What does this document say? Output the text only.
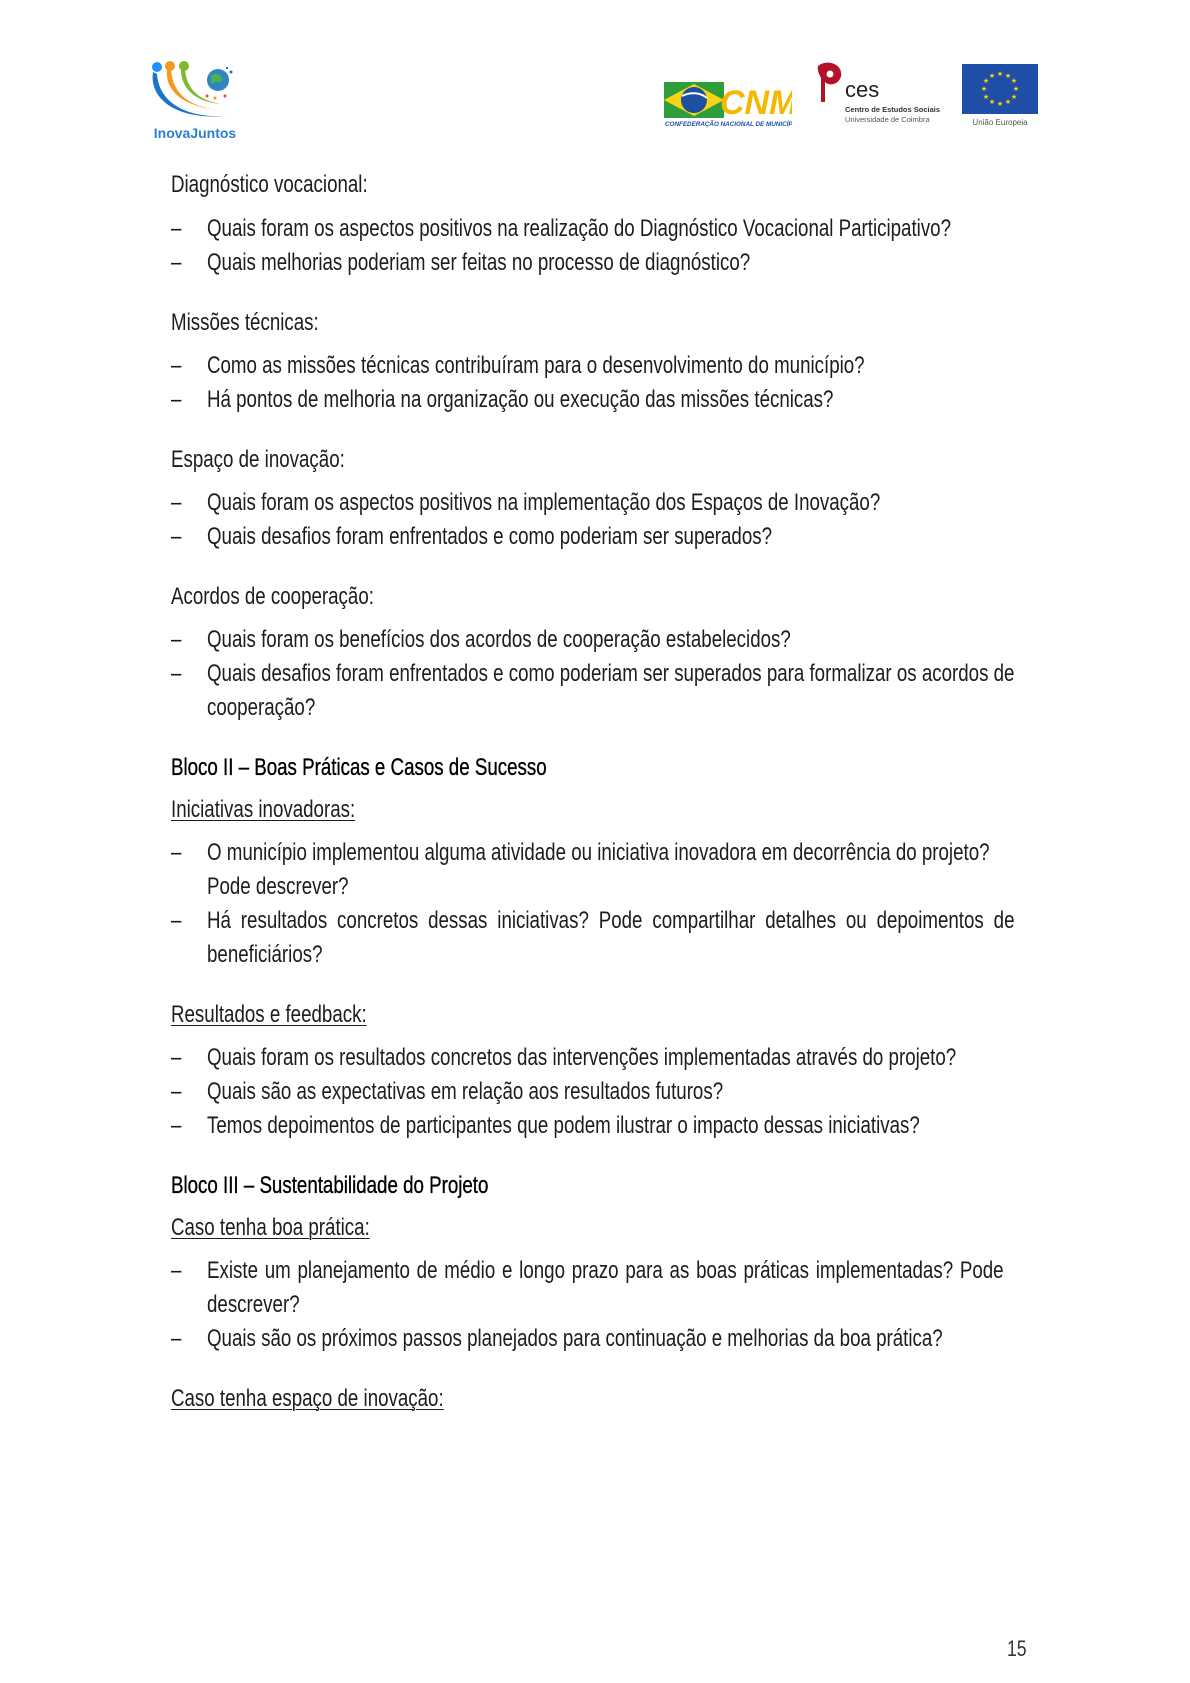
InovaJuntos
CNM
CONFEDERAÇÃO NACIONAL DE MUNICÍPIOS
ces
Centro de Estudos Sociais
Universidade de Coimbra
★ ★
★
★
★
★
★
★
★
★
★
★
União Europeia
Diagnóstico vocacional:
– Quais foram os aspectos positivos na realização do Diagnóstico Vocacional Participativo?
– Quais melhorias poderiam ser feitas no processo de diagnóstico?
Missões técnicas:
– Como as missões técnicas contribuíram para o desenvolvimento do município?
– Há pontos de melhoria na organização ou execução das missões técnicas?
Espaço de inovação:
– Quais foram os aspectos positivos na implementação dos Espaços de Inovação?
– Quais desafios foram enfrentados e como poderiam ser superados?
Acordos de cooperação:
– Quais foram os benefícios dos acordos de cooperação estabelecidos?
– Quais desafios foram enfrentados e como poderiam ser superados para formalizar os acordos de
cooperação?
Bloco II – Boas Práticas e Casos de Sucesso
Iniciativas inovadoras:
– O município implementou alguma atividade ou iniciativa inovadora em decorrência do projeto?
Pode descrever?
– Há resultados concretos dessas iniciativas? Pode compartilhar detalhes ou depoimentos de
beneficiários?
Resultados e feedback:
– Quais foram os resultados concretos das intervenções implementadas através do projeto?
– Quais são as expectativas em relação aos resultados futuros?
– Temos depoimentos de participantes que podem ilustrar o impacto dessas iniciativas?
Bloco III – Sustentabilidade do Projeto
Caso tenha boa prática:
– Existe um planejamento de médio e longo prazo para as boas práticas implementadas? Pode
descrever?
– Quais são os próximos passos planejados para continuação e melhorias da boa prática?
Caso tenha espaço de inovação:
15
